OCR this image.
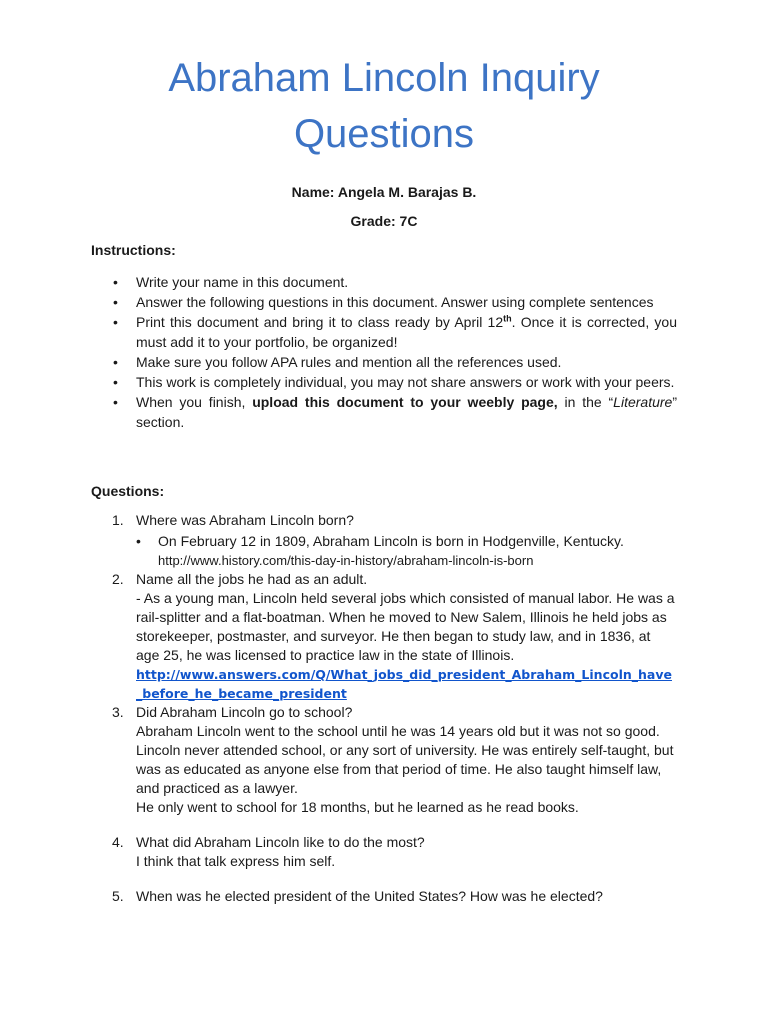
Abraham Lincoln Inquiry
Questions
Name: Angela M. Barajas B.
Grade: 7C
Instructions:
• Write your name in this document.
• Answer the following questions in this document. Answer using complete sentences
• Print this document and bring it to class ready by April 12th. Once it is corrected, you must add it to your portfolio, be organized!
• Make sure you follow APA rules and mention all the references used.
• This work is completely individual, you may not share answers or work with your peers.
• When you finish, upload this document to your weebly page, in the “Literature” section.
Questions:
1. Where was Abraham Lincoln born?
• On February 12 in 1809, Abraham Lincoln is born in Hodgenville, Kentucky.
http://www.history.com/this-day-in-history/abraham-lincoln-is-born
2. Name all the jobs he had as an adult.
- As a young man, Lincoln held several jobs which consisted of manual labor. He was a rail-splitter and a flat-boatman. When he moved to New Salem, Illinois he held jobs as storekeeper, postmaster, and surveyor. He then began to study law, and in 1836, at age 25, he was licensed to practice law in the state of Illinois.
http://www.answers.com/Q/What_jobs_did_president_Abraham_Lincoln_have_before_he_became_president
3. Did Abraham Lincoln go to school?
Abraham Lincoln went to the school until he was 14 years old but it was not so good. Lincoln never attended school, or any sort of university. He was entirely self-taught, but was as educated as anyone else from that period of time. He also taught himself law, and practiced as a lawyer.
He only went to school for 18 months, but he learned as he read books.
4. What did Abraham Lincoln like to do the most?
I think that talk express him self.
5. When was he elected president of the United States? How was he elected?
